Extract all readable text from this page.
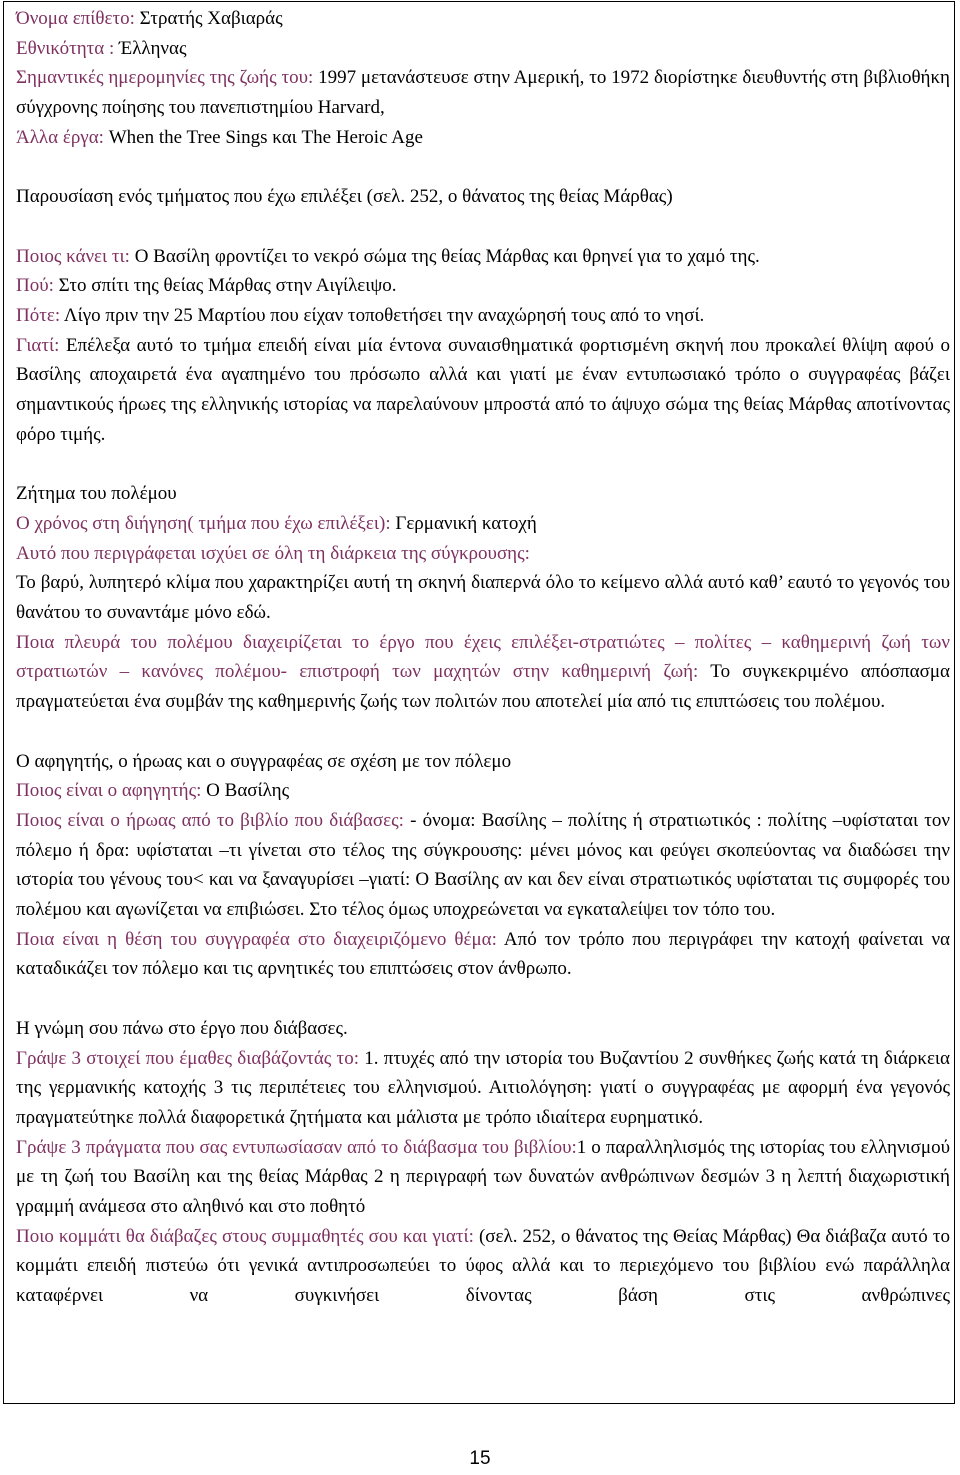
Όνομα επίθετο: Στρατής Χαβιαράς

Εθνικότητα : Έλληνας

Σημαντικές ημερομηνίες της ζωής του: 1997 μετανάστευσε στην Αμερική, το 1972 διορίστηκε διευθυντής στη βιβλιοθήκη σύγχρονης ποίησης του πανεπιστημίου Harvard,

Άλλα έργα: When the Tree Sings και The Heroic Age

Παρουσίαση ενός τμήματος που έχω επιλέξει (σελ. 252, ο θάνατος της θείας Μάρθας)

Ποιος κάνει τι: Ο Βασίλη φροντίζει το νεκρό σώμα της θείας Μάρθας και θρηνεί για το χαμό της.

Πού: Στο σπίτι της θείας Μάρθας στην Αιγίλειψο.

Πότε: Λίγο πριν την 25 Μαρτίου που είχαν τοποθετήσει την αναχώρησή τους από το νησί.

Γιατί: Επέλεξα αυτό το τμήμα επειδή είναι μία έντονα συναισθηματικά φορτισμένη σκηνή που προκαλεί θλίψη αφού ο Βασίλης αποχαιρετά ένα αγαπημένο του πρόσωπο αλλά και γιατί με έναν εντυπωσιακό τρόπο ο συγγραφέας βάζει σημαντικούς ήρωες της ελληνικής ιστορίας να παρελαύνουν μπροστά από το άψυχο σώμα της θείας Μάρθας αποτίνοντας φόρο τιμής.

Ζήτημα του πολέμου

Ο χρόνος στη διήγηση( τμήμα που έχω επιλέξει): Γερμανική κατοχή

Αυτό που περιγράφεται ισχύει σε όλη τη διάρκεια της σύγκρουσης:

Το βαρύ, λυπητερό κλίμα που χαρακτηρίζει αυτή τη σκηνή διαπερνά όλο το κείμενο αλλά αυτό καθ’ εαυτό το γεγονός του θανάτου το συναντάμε μόνο εδώ.

Ποια πλευρά του πολέμου διαχειρίζεται το έργο που έχεις επιλέξει-στρατιώτες – πολίτες – καθημερινή ζωή των στρατιωτών – κανόνες πολέμου- επιστροφή των μαχητών στην καθημερινή ζωή: Το συγκεκριμένο απόσπασμα πραγματεύεται ένα συμβάν της καθημερινής ζωής των πολιτών που αποτελεί μία από τις επιπτώσεις του πολέμου.

Ο αφηγητής, ο ήρωας και ο συγγραφέας σε σχέση με τον πόλεμο

Ποιος είναι ο αφηγητής: Ο Βασίλης

Ποιος είναι ο ήρωας από το βιβλίο που διάβασες: - όνομα: Βασίλης – πολίτης ή στρατιωτικός : πολίτης –υφίσταται τον πόλεμο ή δρα: υφίσταται –τι γίνεται στο τέλος της σύγκρουσης: μένει μόνος και φεύγει σκοπεύοντας να διαδώσει την ιστορία του γένους του< και να ξαναγυρίσει –γιατί: Ο Βασίλης αν και δεν είναι στρατιωτικός υφίσταται τις συμφορές του πολέμου και αγωνίζεται να επιβιώσει. Στο τέλος όμως υποχρεώνεται να εγκαταλείψει τον τόπο του.

Ποια είναι η θέση του συγγραφέα στο διαχειριζόμενο θέμα: Από τον τρόπο που περιγράφει την κατοχή φαίνεται να καταδικάζει τον πόλεμο και τις αρνητικές του επιπτώσεις στον άνθρωπο.

Η γνώμη σου πάνω στο έργο που διάβασες.

Γράψε 3 στοιχεί που έμαθες διαβάζοντάς το: 1. πτυχές από την ιστορία του Βυζαντίου 2 συνθήκες ζωής κατά τη διάρκεια της γερμανικής κατοχής 3 τις περιπέτειες του ελληνισμού. Αιτιολόγηση: γιατί ο συγγραφέας με αφορμή ένα γεγονός πραγματεύτηκε πολλά διαφορετικά ζητήματα και μάλιστα με τρόπο ιδιαίτερα ευρηματικό.

Γράψε 3 πράγματα που σας εντυπωσίασαν από το διάβασμα του βιβλίου:1 ο παραλληλισμός της ιστορίας του ελληνισμού με τη ζωή του Βασίλη και της θείας Μάρθας 2 η περιγραφή των δυνατών ανθρώπινων δεσμών 3 η λεπτή διαχωριστική γραμμή ανάμεσα στο αληθινό και στο ποθητό

Ποιο κομμάτι θα διάβαζες στους συμμαθητές σου και γιατί: (σελ. 252, ο θάνατος της Θείας Μάρθας) Θα διάβαζα αυτό το κομμάτι επειδή πιστεύω ότι γενικά αντιπροσωπεύει το ύφος αλλά και το περιεχόμενο του βιβλίου ενώ παράλληλα καταφέρνει να συγκινήσει δίνοντας βάση στις ανθρώπινες

15
